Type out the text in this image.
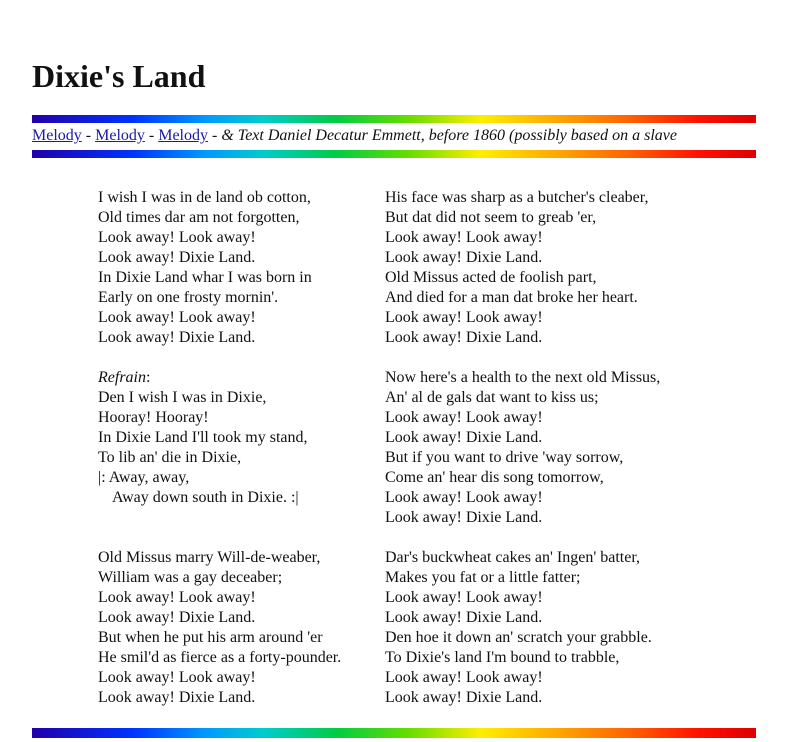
Dixie's Land
Melody - Melody - Melody - & Text Daniel Decatur Emmett, before 1860 (possibly based on a slave
I wish I was in de land ob cotton,
Old times dar am not forgotten,
Look away! Look away!
Look away! Dixie Land.
In Dixie Land whar I was born in
Early on one frosty mornin'.
Look away! Look away!
Look away! Dixie Land.
Refrain:
Den I wish I was in Dixie,
Hooray! Hooray!
In Dixie Land I'll took my stand,
To lib an' die in Dixie,
|: Away, away,
Away down south in Dixie. :|
Old Missus marry Will-de-weaber,
William was a gay deceaber;
Look away! Look away!
Look away! Dixie Land.
But when he put his arm around 'er
He smil'd as fierce as a forty-pounder.
Look away! Look away!
Look away! Dixie Land.
His face was sharp as a butcher's cleaber,
But dat did not seem to greab 'er,
Look away! Look away!
Look away! Dixie Land.
Old Missus acted de foolish part,
And died for a man dat broke her heart.
Look away! Look away!
Look away! Dixie Land.
Now here's a health to the next old Missus,
An' al de gals dat want to kiss us;
Look away! Look away!
Look away! Dixie Land.
But if you want to drive 'way sorrow,
Come an' hear dis song tomorrow,
Look away! Look away!
Look away! Dixie Land.
Dar's buckwheat cakes an' Ingen' batter,
Makes you fat or a little fatter;
Look away! Look away!
Look away! Dixie Land.
Den hoe it down an' scratch your grabble.
To Dixie's land I'm bound to trabble,
Look away! Look away!
Look away! Dixie Land.
